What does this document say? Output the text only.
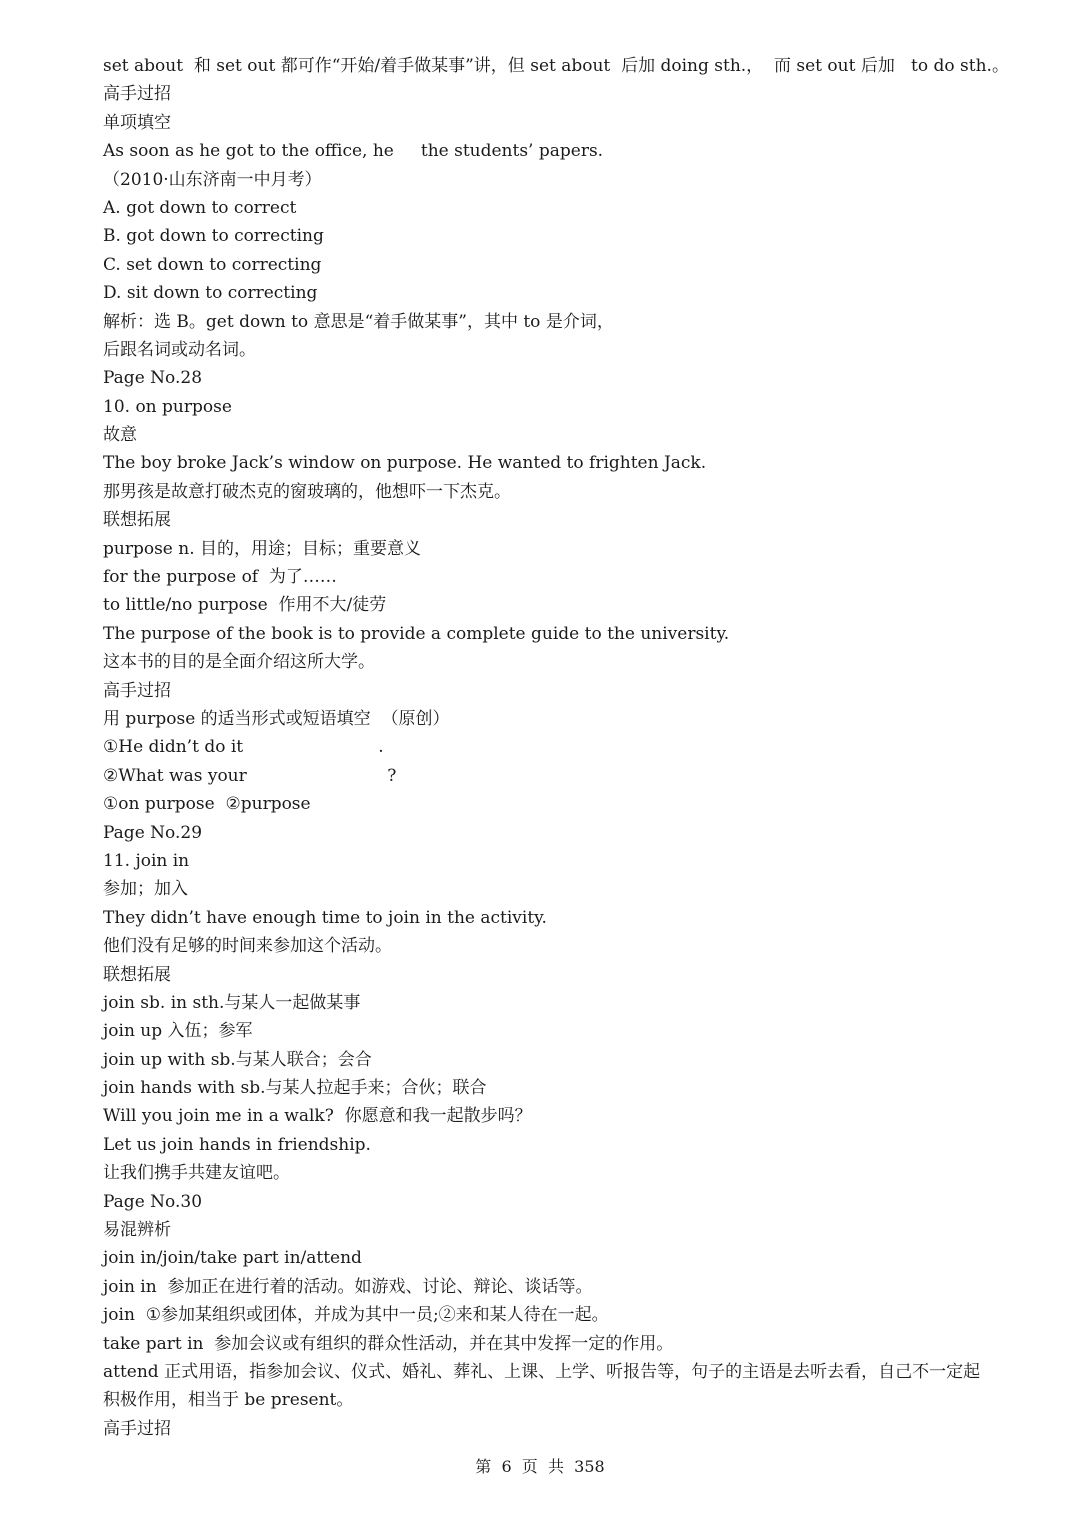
set about  和 set out 都可作“开始/着手做某事”讲，但 set about  后加 doing sth.，  而 set out 后加   to do sth.。
高手过招
单项填空
As soon as he got to the office, he     the students’ papers.
（2010·山东济南一中月考）
A. got down to correct
B. got down to correcting
C. set down to correcting
D. sit down to correcting
解析：选 B。get down to 意思是“着手做某事”，其中 to 是介词，
后跟名词或动名词。
Page No.28
10. on purpose
故意
The boy broke Jack’s window on purpose. He wanted to frighten Jack.
那男孩是故意打破杰克的窗玻璃的，他想吓一下杰克。
联想拓展
purpose n. 目的，用途；目标；重要意义
for the purpose of  为了……
to little/no purpose  作用不大/徒劳
The purpose of the book is to provide a complete guide to the university.
这本书的目的是全面介绍这所大学。
高手过招
用 purpose 的适当形式或短语填空  （原创）
①He didn’t do it                         .
②What was your                          ?
①on purpose  ②purpose
Page No.29
11. join in
参加；加入
They didn’t have enough time to join in the activity.
他们没有足够的时间来参加这个活动。
联想拓展
join sb. in sth.与某人一起做某事
join up 入伍；参军
join up with sb.与某人联合；会合
join hands with sb.与某人拉起手来；合伙；联合
Will you join me in a walk?  你愿意和我一起散步吗？
Let us join hands in friendship.
让我们携手共建友谊吧。
Page No.30
易混辨析
join in/join/take part in/attend
join in  参加正在进行着的活动。如游戏、讨论、辩论、谈话等。
join  ①参加某组织或团体，并成为其中一员;②来和某人待在一起。
take part in  参加会议或有组织的群众性活动，并在其中发挥一定的作用。
attend 正式用语，指参加会议、仪式、婚礼、葬礼、上课、上学、听报告等，句子的主语是去听去看，自己不一定起积极作用，相当于 be present。
高手过招
第  6  页  共  358
